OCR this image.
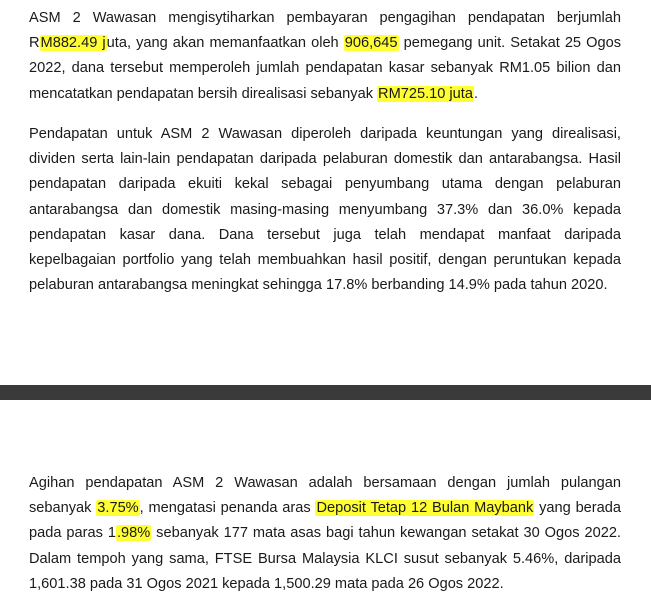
ASM 2 Wawasan mengisytiharkan pembayaran pengagihan pendapatan berjumlah RM882.49 juta, yang akan memanfaatkan oleh 906,645 pemegang unit. Setakat 25 Ogos 2022, dana tersebut memperoleh jumlah pendapatan kasar sebanyak RM1.05 bilion dan mencatatkan pendapatan bersih direalisasi sebanyak RM725.10 juta.

Pendapatan untuk ASM 2 Wawasan diperoleh daripada keuntungan yang direalisasi, dividen serta lain-lain pendapatan daripada pelaburan domestik dan antarabangsa. Hasil pendapatan daripada ekuiti kekal sebagai penyumbang utama dengan pelaburan antarabangsa dan domestik masing-masing menyumbang 37.3% dan 36.0% kepada pendapatan kasar dana. Dana tersebut juga telah mendapat manfaat daripada kepelbagaian portfolio yang telah membuahkan hasil positif, dengan peruntukan kepada pelaburan antarabangsa meningkat sehingga 17.8% berbanding 14.9% pada tahun 2020.

Agihan pendapatan ASM 2 Wawasan adalah bersamaan dengan jumlah pulangan sebanyak 3.75%, mengatasi penanda aras Deposit Tetap 12 Bulan Maybank yang berada pada paras 1.98% sebanyak 177 mata asas bagi tahun kewangan setakat 30 Ogos 2022. Dalam tempoh yang sama, FTSE Bursa Malaysia KLCI susut sebanyak 5.46%, daripada 1,601.38 pada 31 Ogos 2021 kepada 1,500.29 mata pada 26 Ogos 2022.
